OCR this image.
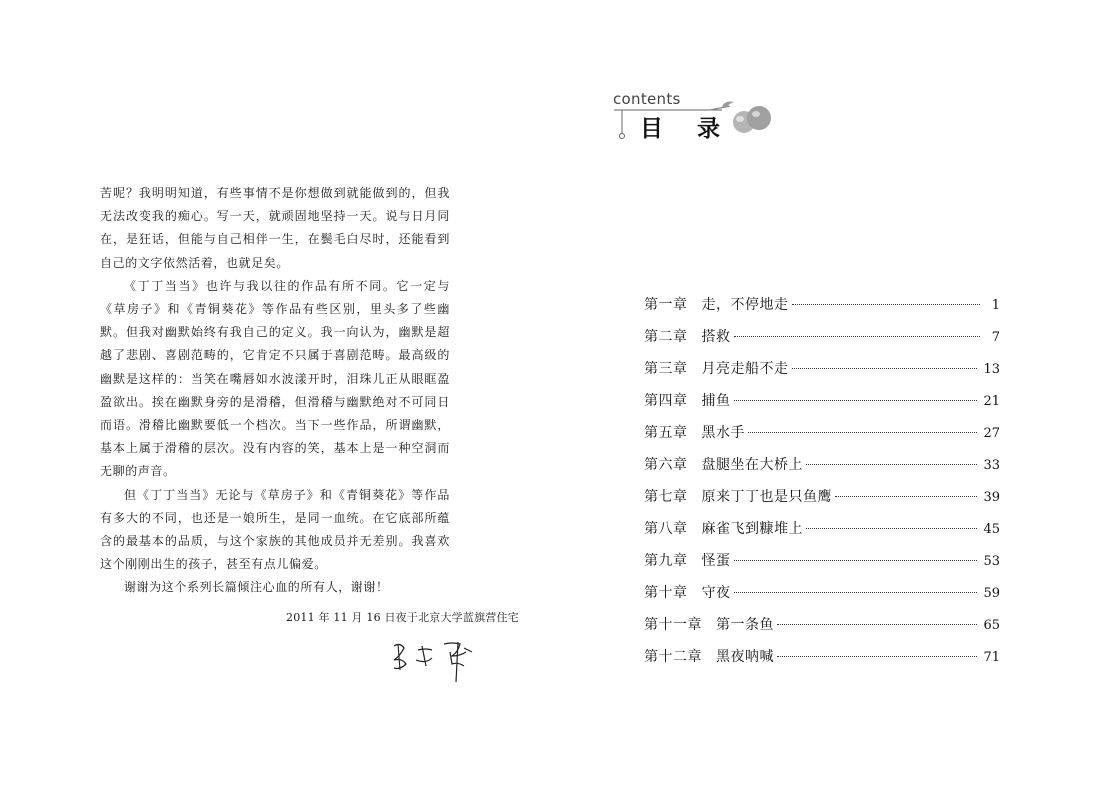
苦呢？我明明知道，有些事情不是你想做到就能做到的，但我无法改变我的痴心。写一天，就顽固地坚持一天。说与日月同在，是狂话，但能与自己相伴一生，在鬓毛白尽时，还能看到自己的文字依然活着，也就足矣。

《丁丁当当》也许与我以往的作品有所不同。它一定与《草房子》和《青铜葵花》等作品有些区别，里头多了些幽默。但我对幽默始终有我自己的定义。我一向认为，幽默是超越了悲剧、喜剧范畴的，它肯定不只属于喜剧范畴。最高级的幽默是这样的：当笑在嘴唇如水波漾开时，泪珠儿正从眼眶盈盈欲出。挨在幽默身旁的是滑稽，但滑稽与幽默绝对不可同日而语。滑稽比幽默要低一个档次。当下一些作品，所谓幽默，基本上属于滑稽的层次。没有内容的笑，基本上是一种空洞而无聊的声音。

但《丁丁当当》无论与《草房子》和《青铜葵花》等作品有多大的不同，也还是一娘所生，是同一血统。在它底部所蕴含的最基本的品质，与这个家族的其他成员并无差别。我喜欢这个刚刚出生的孩子，甚至有点儿偏爱。

谢谢为这个系列长篇倾注心血的所有人，谢谢！

2011 年 11 月 16 日夜于北京大学蓝旗营住宅
contents
目 录
第一章 走，不停地走	1
第二章 搭救	7
第三章 月亮走船不走	13
第四章 捕鱼	21
第五章 黑水手	27
第六章 盘腿坐在大桥上	33
第七章 原来丁丁也是只鱼鹰	39
第八章 麻雀飞到糠堆上	45
第九章 怪蛋	53
第十章 守夜	59
第十一章 第一条鱼	65
第十二章 黑夜呐喊	71
